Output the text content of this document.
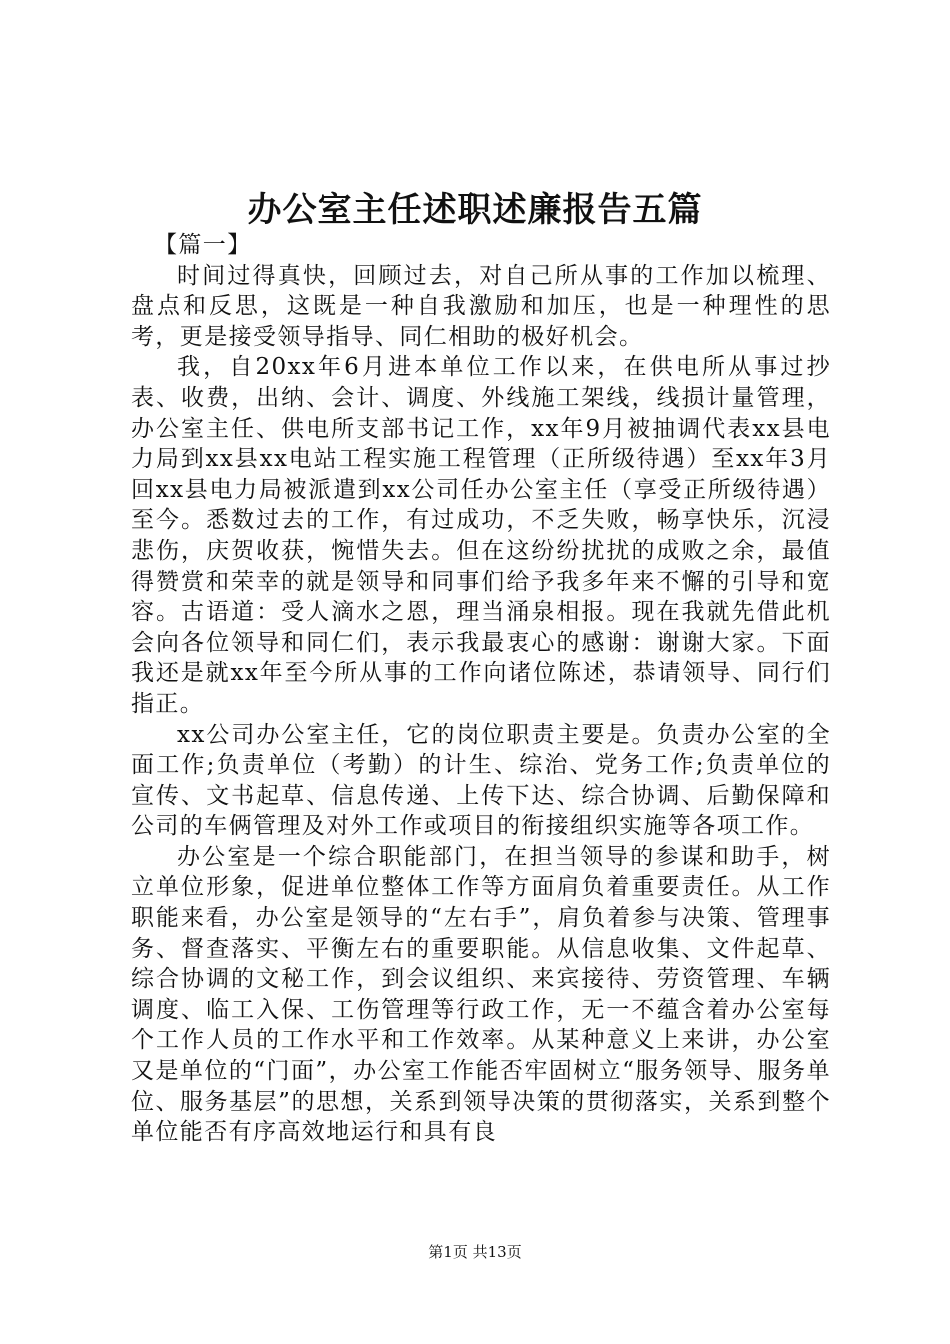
办公室主任述职述廉报告五篇

【篇一】

时间过得真快，回顾过去，对自己所从事的工作加以梳理、盘点和反思，这既是一种自我激励和加压，也是一种理性的思考，更是接受领导指导、同仁相助的极好机会。

我，自20xx年6月进本单位工作以来，在供电所从事过抄表、收费，出纳、会计、调度、外线施工架线，线损计量管理，办公室主任、供电所支部书记工作，xx年9月被抽调代表xx县电力局到xx县xx电站工程实施工程管理（正所级待遇）至xx年3月回xx县电力局被派遣到xx公司任办公室主任（享受正所级待遇）至今。悉数过去的工作，有过成功，不乏失败，畅享快乐，沉浸悲伤，庆贺收获，惋惜失去。但在这纷纷扰扰的成败之余，最值得赞赏和荣幸的就是领导和同事们给予我多年来不懈的引导和宽容。古语道：受人滴水之恩，理当涌泉相报。现在我就先借此机会向各位领导和同仁们，表示我最衷心的感谢：谢谢大家。下面我还是就xx年至今所从事的工作向诸位陈述，恭请领导、同行们指正。

xx公司办公室主任，它的岗位职责主要是。负责办公室的全面工作;负责单位（考勤）的计生、综治、党务工作;负责单位的宣传、文书起草、信息传递、上传下达、综合协调、后勤保障和公司的车俩管理及对外工作或项目的衔接组织实施等各项工作。

办公室是一个综合职能部门，在担当领导的参谋和助手，树立单位形象，促进单位整体工作等方面肩负着重要责任。从工作职能来看，办公室是领导的“左右手”，肩负着参与决策、管理事务、督查落实、平衡左右的重要职能。从信息收集、文件起草、综合协调的文秘工作，到会议组织、来宾接待、劳资管理、车辆调度、临工入保、工伤管理等行政工作，无一不蕴含着办公室每个工作人员的工作水平和工作效率。从某种意义上来讲，办公室又是单位的“门面”，办公室工作能否牢固树立“服务领导、服务单位、服务基层”的思想，关系到领导决策的贯彻落实，关系到整个单位能否有序高效地运行和具有良

第1页 共13页
